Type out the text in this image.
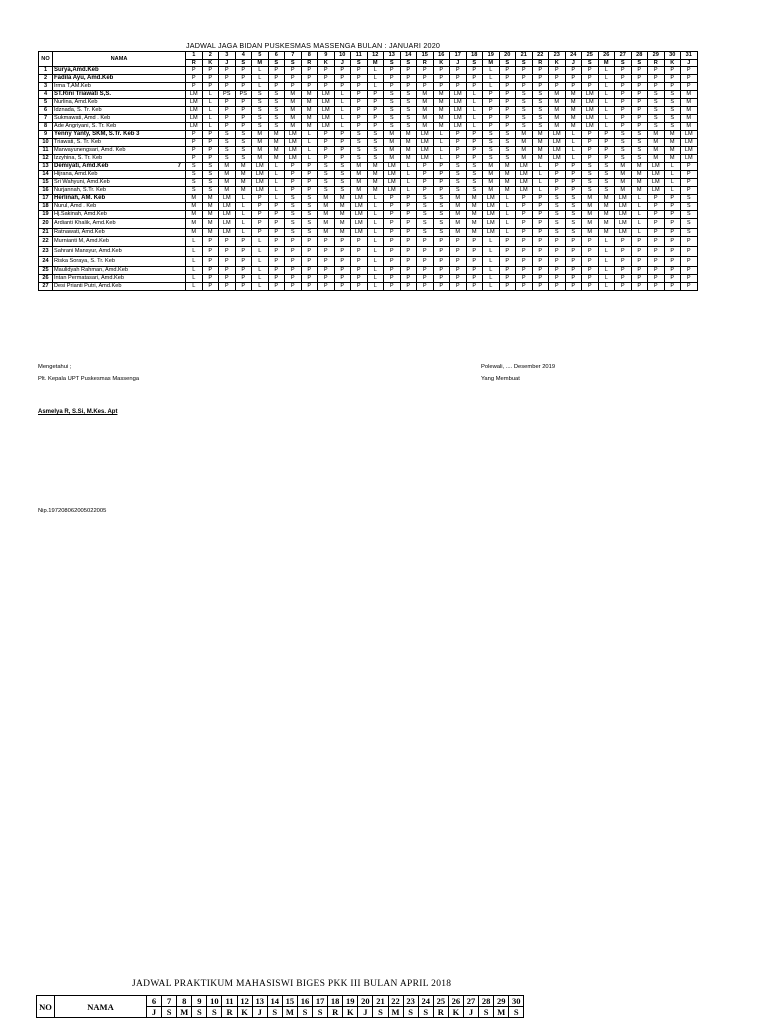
JADWAL JAGA BIDAN PUSKESMAS MASSENGA BULAN : JANUARI 2020
NO	NAMA	1	2	3	4	5	6	7	8	9	10	11	12	13	14	15	16	17	18	19	20	21	22	23	24	25	26	27	28	29	30	31
		R	K	J	S	M	S	S	R	K	J	S	M	S	S	R	K	J	S	M	S	S	R	K	J	S	M	S	S	R	K	J
1	Surya,Amd.Keb	P	P	P	P	L	P	P	P	P	P	P	L	P	P	P	P	P	P	L	P	P	P	P	P	P	L	P	P	P	P	P
2	Fadila Ayu, Amd.Keb	P	P	P	P	L	P	P	P	P	P	P	L	P	P	P	P	P	P	L	P	P	P	P	P	P	L	P	P	P	P	P
3	Irma T,AM.Keb	P	P	P	P	L	P	P	P	P	P	P	L	P	P	P	P	P	P	L	P	P	P	P	P	P	L	P	P	P	P	P
4	ST.Rini Triawati S,S.	LM	L	PS	PS	S	S	M	M	LM	L	P	P	S	S	M	M	LM	L	P	P	S	S	M	M	LM	L	P	P	S	S	M
5	Nurlina, Amd.Keb	LM	L	P	P	S	S	M	M	LM	L	P	P	S	S	M	M	LM	L	P	P	S	S	M	M	LM	L	P	P	S	S	M
6	Idznada, S. Tr. Keb	LM	L	P	P	S	S	M	M	LM	L	P	P	S	S	M	M	LM	L	P	P	S	S	M	M	LM	L	P	P	S	S	M
7	Sukmawati, Amd . Keb	LM	L	P	P	S	S	M	M	LM	L	P	P	S	S	M	M	LM	L	P	P	S	S	M	M	LM	L	P	P	S	S	M
8	Ade Angriyani, S. Tr. Keb	LM	L	P	P	S	S	M	M	LM	L	P	P	S	S	M	M	LM	L	P	P	S	S	M	M	LM	L	P	P	S	S	M
9	Yenny Yanty, SKM, S.Tr. Keb 3	P	P	S	S	M	M	LM	L	P	P	S	S	M	M	LM	L	P	P	S	S	M	M	LM	L	P	P	S	S	M	M	LM
10	Triawati, S. Tr. Keb	P	P	S	S	M	M	LM	L	P	P	S	S	M	M	LM	L	P	P	S	S	M	M	LM	L	P	P	S	S	M	M	LM
11	Marwayunengsari, Amd. Keb	P	P	S	S	M	M	LM	L	P	P	S	S	M	M	LM	L	P	P	S	S	M	M	LM	L	P	P	S	S	M	M	LM
12	Izzyhina, S. Tr. Keb	P	P	S	S	M	M	LM	L	P	P	S	S	M	M	LM	L	P	P	S	S	M	M	LM	L	P	P	S	S	M	M	LM
13	Demiyati, Amd.Keb 7	S	S	M	M	LM	L	P	P	S	S	M	M	LM	L	P	P	S	S	M	M	LM	L	P	P	S	S	M	M	LM	L	P
14	Hijrana, Amd.Keb	S	S	M	M	LM	L	P	P	S	S	M	M	LM	L	P	P	S	S	M	M	LM	L	P	P	S	S	M	M	LM	L	P
15	Sri Wahyuni, Amd.Keb	S	S	M	M	LM	L	P	P	S	S	M	M	LM	L	P	P	S	S	M	M	LM	L	P	P	S	S	M	M	LM	L	P
16	Nurjannah, S.Tr. Keb	S	S	M	M	LM	L	P	P	S	S	M	M	LM	L	P	P	S	S	M	M	LM	L	P	P	S	S	M	M	LM	L	P
17	Herlinah, AM. Keb	M	M	LM	L	P	L	S	S	M	M	LM	L	P	P	S	S	M	M	LM	L	P	P	S	S	M	M	LM	L	P	P	S
18	Nurul, Amd . Keb	M	M	LM	L	P	P	S	S	M	M	LM	L	P	P	S	S	M	M	LM	L	P	P	S	S	M	M	LM	L	P	P	S
19	Hj.Sakinah, Amd.Keb	M	M	LM	L	P	P	S	S	M	M	LM	L	P	P	S	S	M	M	LM	L	P	P	S	S	M	M	LM	L	P	P	S
20	Ardianti Khalik, Amd.Keb	M	M	LM	L	P	P	S	S	M	M	LM	L	P	P	S	S	M	M	LM	L	P	P	S	S	M	M	LM	L	P	P	S
21	Ratnawati, Amd.Keb	M	M	LM	L	P	P	S	S	M	M	LM	L	P	P	S	S	M	M	LM	L	P	P	S	S	M	M	LM	L	P	P	S
22	Murnianti M, Amd.Keb	L	P	P	P	L	P	P	P	P	P	P	L	P	P	P	P	P	P	L	P	P	P	P	P	P	L	P	P	P	P	P
23	Sahrani Mansyur, Amd.Keb	L	P	P	P	L	P	P	P	P	P	P	L	P	P	P	P	P	P	L	P	P	P	P	P	P	L	P	P	P	P	P
24	Riska Soraya, S. Tr. Keb	L	P	P	P	L	P	P	P	P	P	P	L	P	P	P	P	P	P	L	P	P	P	P	P	P	L	P	P	P	P	P
25	Maulidyah Rahman, Amd.Keb	L	P	P	P	L	P	P	P	P	P	P	L	P	P	P	P	P	P	L	P	P	P	P	P	P	L	P	P	P	P	P
26	Intan Permatasari, Amd.Keb	L	P	P	P	L	P	P	P	P	P	P	L	P	P	P	P	P	P	L	P	P	P	P	P	P	L	P	P	P	P	P
27	Desi Prianti Putri, Amd.Keb	L	P	P	P	L	P	P	P	P	P	P	L	P	P	P	P	P	P	L	P	P	P	P	P	P	L	P	P	P	P	P
Mengetahui ;
Plt. Kepala UPT Puskesmas Massenga
Asmelya R, S.Si, M.Kes. Apt
Nip.197208062005022005
Polewali, .... Desember 2019
Yang Membuat
JADWAL PRAKTIKUM MAHASISWI BIGES PKK III BULAN APRIL 2018
NO	NAMA	6	7	8	9	10	11	12	13	14	15	16	17	18	19	20	21	22	23	24	25	26	27	28	29	30
		J	S	M	S	S	R	K	J	S	M	S	S	R	K	J	S	M	S	S	R	K	J	S	M	S
